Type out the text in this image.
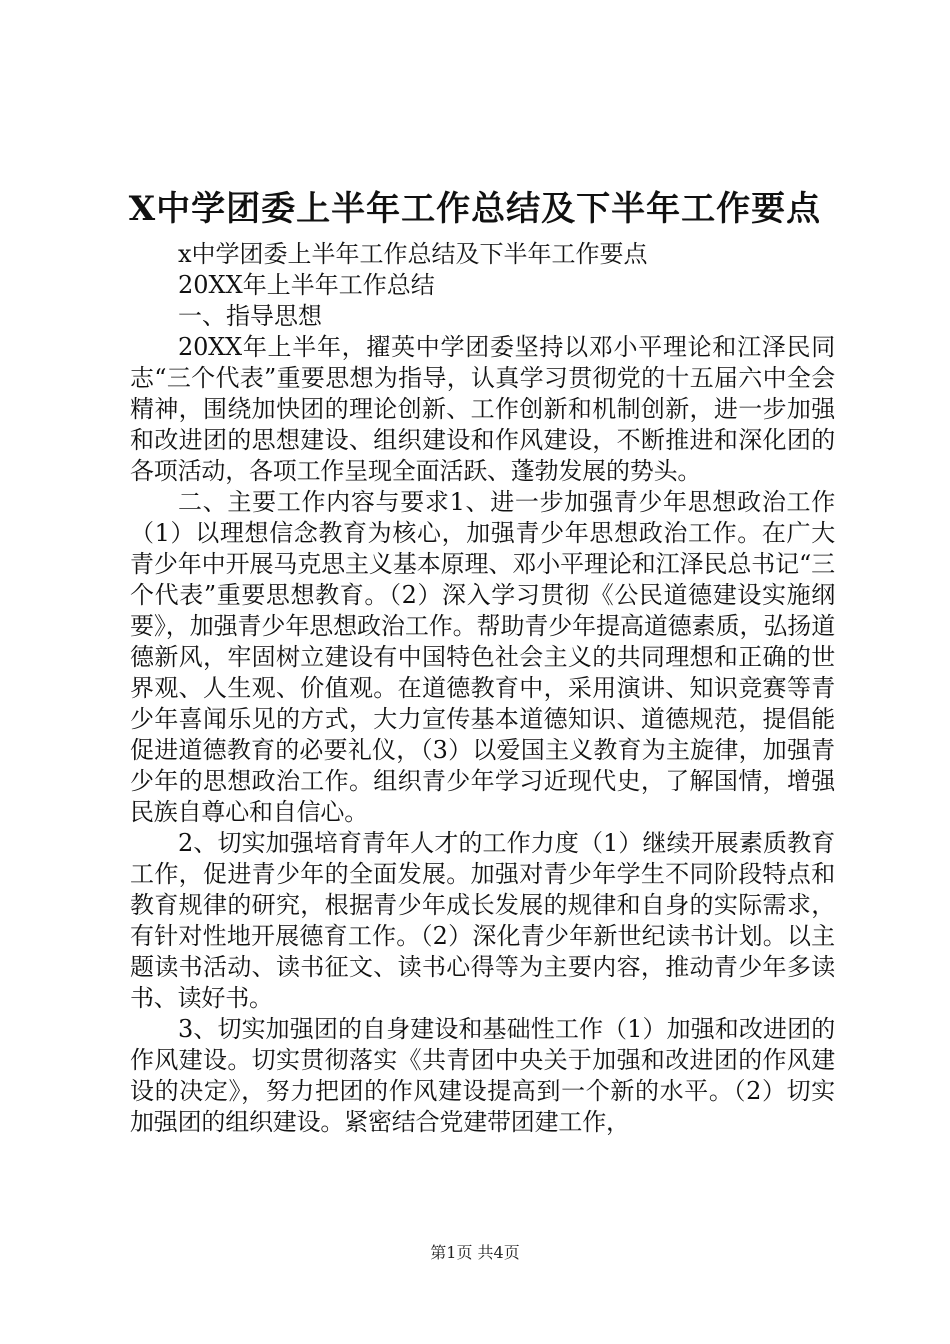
X中学团委上半年工作总结及下半年工作要点

x中学团委上半年工作总结及下半年工作要点

20XX年上半年工作总结

一、指导思想

20XX年上半年，擢英中学团委坚持以邓小平理论和江泽民同志“三个代表”重要思想为指导，认真学习贯彻党的十五届六中全会精神，围绕加快团的理论创新、工作创新和机制创新，进一步加强和改进团的思想建设、组织建设和作风建设，不断推进和深化团的各项活动，各项工作呈现全面活跃、蓬勃发展的势头。

二、主要工作内容与要求1、进一步加强青少年思想政治工作（1）以理想信念教育为核心，加强青少年思想政治工作。在广大青少年中开展马克思主义基本原理、邓小平理论和江泽民总书记“三个代表”重要思想教育。（2）深入学习贯彻《公民道德建设实施纲要》，加强青少年思想政治工作。帮助青少年提高道德素质，弘扬道德新风，牢固树立建设有中国特色社会主义的共同理想和正确的世界观、人生观、价值观。在道德教育中，采用演讲、知识竞赛等青少年喜闻乐见的方式，大力宣传基本道德知识、道德规范，提倡能促进道德教育的必要礼仪，（3）以爱国主义教育为主旋律，加强青少年的思想政治工作。组织青少年学习近现代史，了解国情，增强民族自尊心和自信心。

2、切实加强培育青年人才的工作力度（1）继续开展素质教育工作，促进青少年的全面发展。加强对青少年学生不同阶段特点和教育规律的研究，根据青少年成长发展的规律和自身的实际需求，有针对性地开展德育工作。（2）深化青少年新世纪读书计划。以主题读书活动、读书征文、读书心得等为主要内容，推动青少年多读书、读好书。

3、切实加强团的自身建设和基础性工作（1）加强和改进团的作风建设。切实贯彻落实《共青团中央关于加强和改进团的作风建设的决定》，努力把团的作风建设提高到一个新的水平。（2）切实加强团的组织建设。紧密结合党建带团建工作，

第1页 共4页
